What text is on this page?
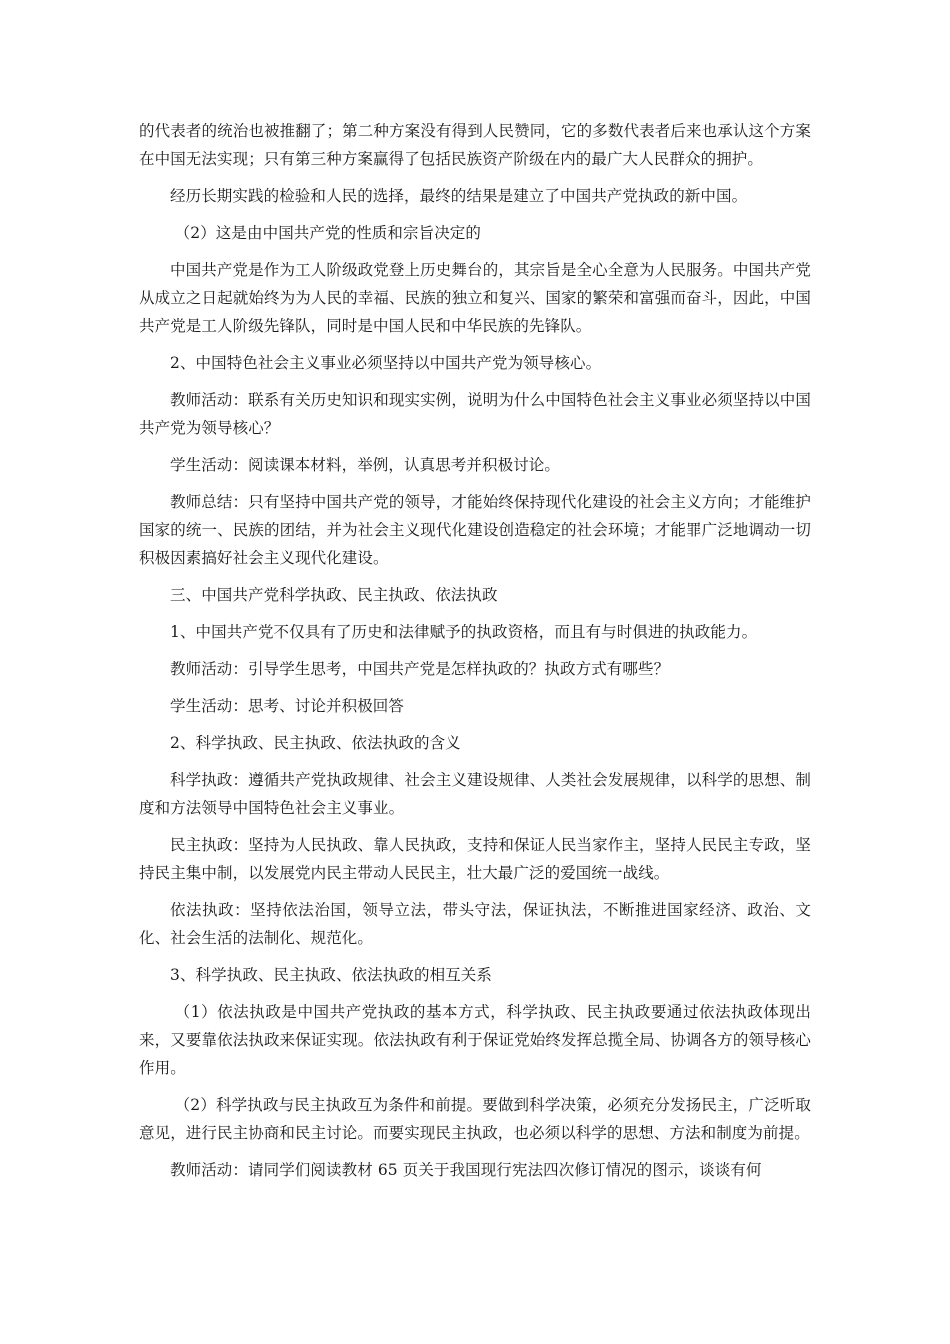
的代表者的统治也被推翻了；第二种方案没有得到人民赞同，它的多数代表者后来也承认这个方案在中国无法实现；只有第三种方案赢得了包括民族资产阶级在内的最广大人民群众的拥护。

经历长期实践的检验和人民的选择，最终的结果是建立了中国共产党执政的新中国。

（2）这是由中国共产党的性质和宗旨决定的

中国共产党是作为工人阶级政党登上历史舞台的，其宗旨是全心全意为人民服务。中国共产党从成立之日起就始终为为人民的幸福、民族的独立和复兴、国家的繁荣和富强而奋斗，因此，中国共产党是工人阶级先锋队，同时是中国人民和中华民族的先锋队。

2、中国特色社会主义事业必须坚持以中国共产党为领导核心。

教师活动：联系有关历史知识和现实实例，说明为什么中国特色社会主义事业必须坚持以中国共产党为领导核心？

学生活动：阅读课本材料，举例，认真思考并积极讨论。

教师总结：只有坚持中国共产党的领导，才能始终保持现代化建设的社会主义方向；才能维护国家的统一、民族的团结，并为社会主义现代化建设创造稳定的社会环境；才能罪广泛地调动一切积极因素搞好社会主义现代化建设。

三、中国共产党科学执政、民主执政、依法执政

1、中国共产党不仅具有了历史和法律赋予的执政资格，而且有与时俱进的执政能力。

教师活动：引导学生思考，中国共产党是怎样执政的？执政方式有哪些？

学生活动：思考、讨论并积极回答

2、科学执政、民主执政、依法执政的含义

科学执政：遵循共产党执政规律、社会主义建设规律、人类社会发展规律，以科学的思想、制度和方法领导中国特色社会主义事业。

民主执政：坚持为人民执政、靠人民执政，支持和保证人民当家作主，坚持人民民主专政，坚持民主集中制，以发展党内民主带动人民民主，壮大最广泛的爱国统一战线。

依法执政：坚持依法治国，领导立法，带头守法，保证执法，不断推进国家经济、政治、文化、社会生活的法制化、规范化。

3、科学执政、民主执政、依法执政的相互关系

（1）依法执政是中国共产党执政的基本方式，科学执政、民主执政要通过依法执政体现出来，又要靠依法执政来保证实现。依法执政有利于保证党始终发挥总揽全局、协调各方的领导核心作用。

（2）科学执政与民主执政互为条件和前提。要做到科学决策，必须充分发扬民主，广泛听取意见，进行民主协商和民主讨论。而要实现民主执政，也必须以科学的思想、方法和制度为前提。

教师活动：请同学们阅读教材 65 页关于我国现行宪法四次修订情况的图示，谈谈有何
